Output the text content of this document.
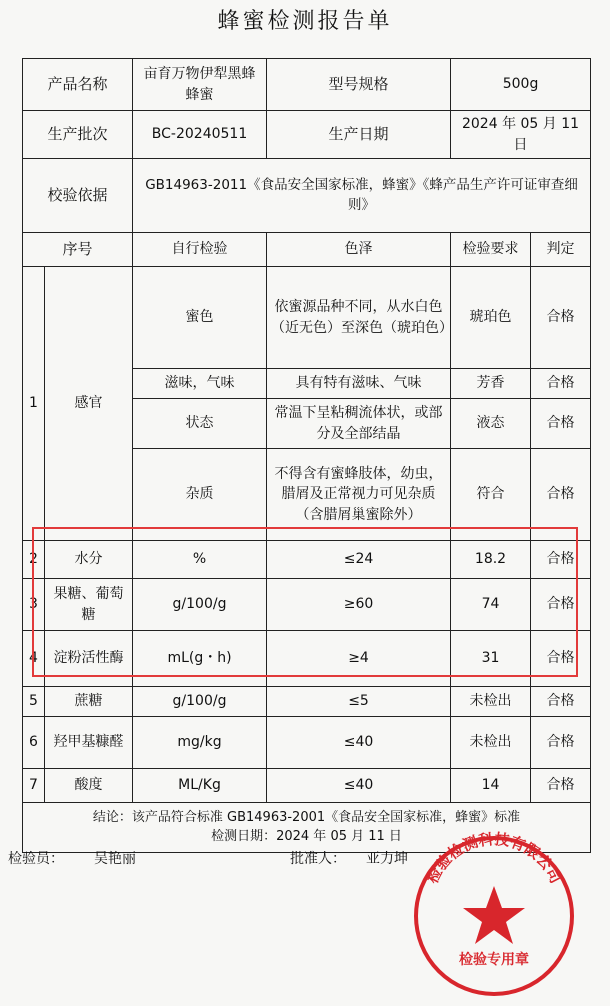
蜂蜜检测报告单
产品名称		亩育万物伊犁黑蜂蜂蜜	型号规格	500g	
生产批次		BC-20240511	生产日期	2024 年 05 月 11 日	
校验依据		GB14963-2011《食品安全国家标准，蜂蜜》《蜂产品生产许可证审查细则》			
序号		自行检验	色泽	检验要求	判定
1	感官	蜜色	依蜜源品种不同，从水白色（近无色）至深色（琥珀色）	琥珀色	合格
		滋味，气味	具有特有滋味、气味	芳香	合格
		状态	常温下呈粘稠流体状，或部分及全部结晶	液态	合格
		杂质	不得含有蜜蜂肢体，幼虫，腊屑及正常视力可见杂质（含腊屑巢蜜除外）	符合	合格
2	水分	%	≤24	18.2	合格
3	果糖、葡萄糖	g/100/g	≥60	74	合格
4	淀粉活性酶	mL(g・h)	≥4	31	合格
5	蔗糖	g/100/g	≤5	未检出	合格
6	羟甲基糠醛	mg/kg	≤40	未检出	合格
7	酸度	ML/Kg	≤40	14	合格

结论：该产品符合标准 GB14963-2001《食品安全国家标准，蜂蜜》标准
检测日期：2024 年 05 月 11 日					
检验员： 吴艳丽	批准人： 亚力坤
检验检测科技有限公司
检验专用章
